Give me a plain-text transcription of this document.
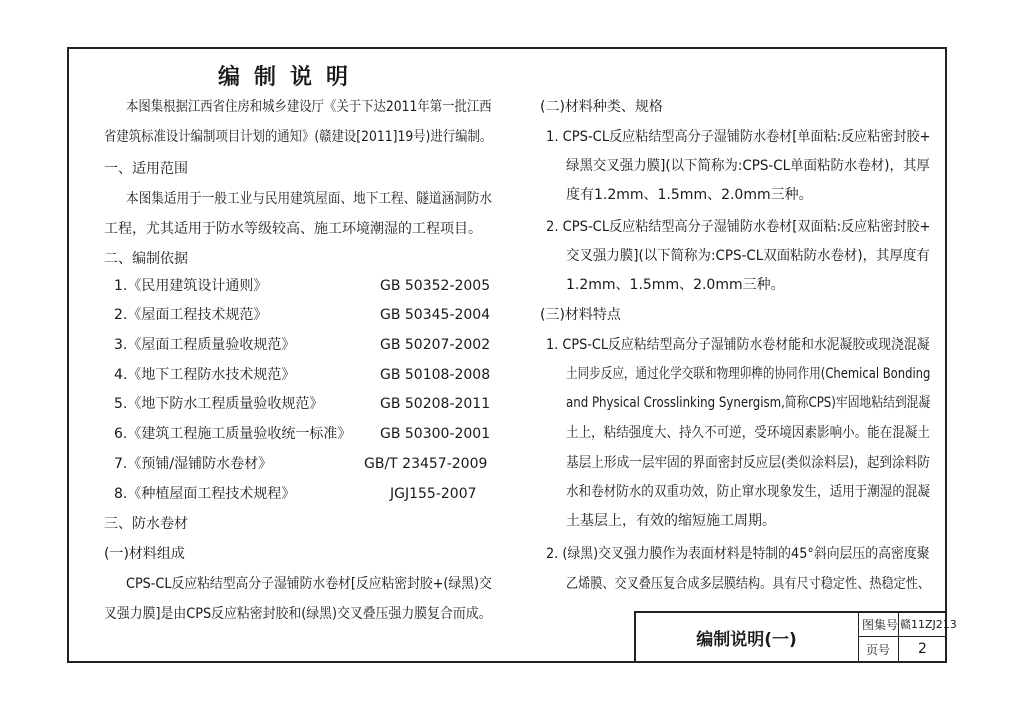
编制说明
本图集根据江西省住房和城乡建设厅《关于下达2011年第一批江西
省建筑标准设计编制项目计划的通知》(赣建设[2011]19号)进行编制。
一、适用范围
本图集适用于一般工业与民用建筑屋面、地下工程、隧道涵洞防水
工程，尤其适用于防水等级较高、施工环境潮湿的工程项目。
二、编制依据
1.《民用建筑设计通则》	GB 50352-2005
2.《屋面工程技术规范》	GB 50345-2004
3.《屋面工程质量验收规范》	GB 50207-2002
4.《地下工程防水技术规范》	GB 50108-2008
5.《地下防水工程质量验收规范》	GB 50208-2011
6.《建筑工程施工质量验收统一标准》 GB 50300-2001
7.《预铺/湿铺防水卷材》	GB/T 23457-2009
8.《种植屋面工程技术规程》	JGJ155-2007
三、防水卷材
(一)材料组成
CPS-CL反应粘结型高分子湿铺防水卷材[反应粘密封胶+(绿黑)交
叉强力膜]是由CPS反应粘密封胶和(绿黑)交叉叠压强力膜复合而成。
(二)材料种类、规格
1. CPS-CL反应粘结型高分子湿铺防水卷材[单面粘:反应粘密封胶+
绿黑交叉强力膜](以下简称为:CPS-CL单面粘防水卷材)，其厚
度有1.2mm、1.5mm、2.0mm三种。
2. CPS-CL反应粘结型高分子湿铺防水卷材[双面粘:反应粘密封胶+
交叉强力膜](以下简称为:CPS-CL双面粘防水卷材)，其厚度有
1.2mm、1.5mm、2.0mm三种。
(三)材料特点
1. CPS-CL反应粘结型高分子湿铺防水卷材能和水泥凝胶或现浇混凝
土同步反应，通过化学交联和物理卯榫的协同作用(Chemical Bonding
and Physical Crosslinking Synergism,简称CPS)牢固地粘结到混凝
土上，粘结强度大、持久不可逆，受环境因素影响小。能在混凝土
基层上形成一层牢固的界面密封反应层(类似涂料层)，起到涂料防
水和卷材防水的双重功效，防止窜水现象发生，适用于潮湿的混凝
土基层上，有效的缩短施工周期。
2. (绿黑)交叉强力膜作为表面材料是特制的45°斜向层压的高密度聚
乙烯膜、交叉叠压复合成多层膜结构。具有尺寸稳定性、热稳定性、
编制说明(一)
图集号 赣11ZJ213
页号 2
